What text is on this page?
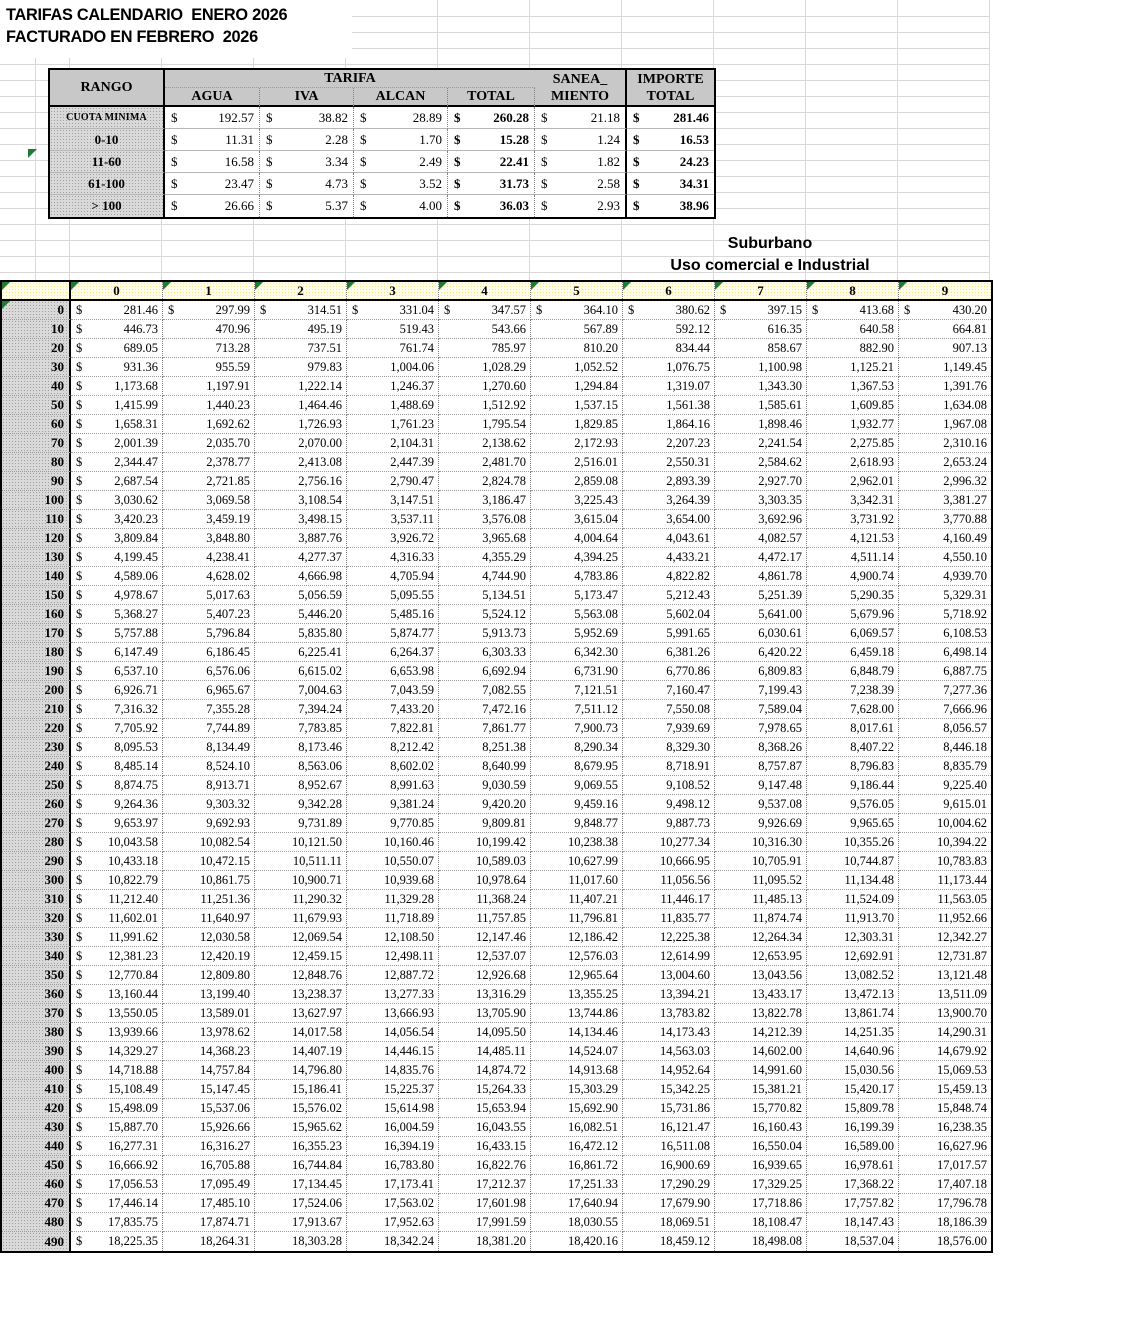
TARIFAS CALENDARIO  ENERO 2026
FACTURADO EN FEBRERO  2026
RANGO
TARIFA
AGUA	IVA	ALCAN	TOTAL
SANEA_
MIENTO
IMPORTE
TOTAL
CUOTA MINIMA	$	192.57 $	38.82 $	28.89 $	260.28 $	21.18 $	281.46
0-10	$	11.31 $	2.28 $	1.70 $	15.28 $	1.24 $	16.53
11-60	$	16.58 $	3.34 $	2.49 $	22.41 $	1.82 $	24.23
61-100	$	23.47 $	4.73 $	3.52 $	31.73 $	2.58 $	34.31
> 100	$	26.66 $	5.37 $	4.00 $	36.03 $	2.93 $	38.96
Suburbano
Uso comercial e Industrial
0	1	2	3	4	5	6	7	8	9
0 $	281.46 $	297.99 $	314.51 $	331.04 $	347.57 $	364.10 $	380.62 $	397.15 $	413.68 $	430.20
10 $	446.73	470.96	495.19	519.43	543.66	567.89	592.12	616.35	640.58	664.81
20 $	689.05	713.28	737.51	761.74	785.97	810.20	834.44	858.67	882.90	907.13
30 $	931.36	955.59	979.83	1,004.06	1,028.29	1,052.52	1,076.75	1,100.98	1,125.21	1,149.45
40 $	1,173.68	1,197.91	1,222.14	1,246.37	1,270.60	1,294.84	1,319.07	1,343.30	1,367.53	1,391.76
50 $	1,415.99	1,440.23	1,464.46	1,488.69	1,512.92	1,537.15	1,561.38	1,585.61	1,609.85	1,634.08
60 $	1,658.31	1,692.62	1,726.93	1,761.23	1,795.54	1,829.85	1,864.16	1,898.46	1,932.77	1,967.08
70 $	2,001.39	2,035.70	2,070.00	2,104.31	2,138.62	2,172.93	2,207.23	2,241.54	2,275.85	2,310.16
80 $	2,344.47	2,378.77	2,413.08	2,447.39	2,481.70	2,516.01	2,550.31	2,584.62	2,618.93	2,653.24
90 $	2,687.54	2,721.85	2,756.16	2,790.47	2,824.78	2,859.08	2,893.39	2,927.70	2,962.01	2,996.32
100 $	3,030.62	3,069.58	3,108.54	3,147.51	3,186.47	3,225.43	3,264.39	3,303.35	3,342.31	3,381.27
110 $	3,420.23	3,459.19	3,498.15	3,537.11	3,576.08	3,615.04	3,654.00	3,692.96	3,731.92	3,770.88
120 $	3,809.84	3,848.80	3,887.76	3,926.72	3,965.68	4,004.64	4,043.61	4,082.57	4,121.53	4,160.49
130 $	4,199.45	4,238.41	4,277.37	4,316.33	4,355.29	4,394.25	4,433.21	4,472.17	4,511.14	4,550.10
140 $	4,589.06	4,628.02	4,666.98	4,705.94	4,744.90	4,783.86	4,822.82	4,861.78	4,900.74	4,939.70
150 $	4,978.67	5,017.63	5,056.59	5,095.55	5,134.51	5,173.47	5,212.43	5,251.39	5,290.35	5,329.31
160 $	5,368.27	5,407.23	5,446.20	5,485.16	5,524.12	5,563.08	5,602.04	5,641.00	5,679.96	5,718.92
170 $	5,757.88	5,796.84	5,835.80	5,874.77	5,913.73	5,952.69	5,991.65	6,030.61	6,069.57	6,108.53
180 $	6,147.49	6,186.45	6,225.41	6,264.37	6,303.33	6,342.30	6,381.26	6,420.22	6,459.18	6,498.14
190 $	6,537.10	6,576.06	6,615.02	6,653.98	6,692.94	6,731.90	6,770.86	6,809.83	6,848.79	6,887.75
200 $	6,926.71	6,965.67	7,004.63	7,043.59	7,082.55	7,121.51	7,160.47	7,199.43	7,238.39	7,277.36
210 $	7,316.32	7,355.28	7,394.24	7,433.20	7,472.16	7,511.12	7,550.08	7,589.04	7,628.00	7,666.96
220 $	7,705.92	7,744.89	7,783.85	7,822.81	7,861.77	7,900.73	7,939.69	7,978.65	8,017.61	8,056.57
230 $	8,095.53	8,134.49	8,173.46	8,212.42	8,251.38	8,290.34	8,329.30	8,368.26	8,407.22	8,446.18
240 $	8,485.14	8,524.10	8,563.06	8,602.02	8,640.99	8,679.95	8,718.91	8,757.87	8,796.83	8,835.79
250 $	8,874.75	8,913.71	8,952.67	8,991.63	9,030.59	9,069.55	9,108.52	9,147.48	9,186.44	9,225.40
260 $	9,264.36	9,303.32	9,342.28	9,381.24	9,420.20	9,459.16	9,498.12	9,537.08	9,576.05	9,615.01
270 $	9,653.97	9,692.93	9,731.89	9,770.85	9,809.81	9,848.77	9,887.73	9,926.69	9,965.65	10,004.62
280 $ 10,043.58	10,082.54	10,121.50	10,160.46	10,199.42	10,238.38	10,277.34	10,316.30	10,355.26	10,394.22
290 $ 10,433.18	10,472.15	10,511.11	10,550.07	10,589.03	10,627.99	10,666.95	10,705.91	10,744.87	10,783.83
300 $ 10,822.79	10,861.75	10,900.71	10,939.68	10,978.64	11,017.60	11,056.56	11,095.52	11,134.48	11,173.44
310 $ 11,212.40	11,251.36	11,290.32	11,329.28	11,368.24	11,407.21	11,446.17	11,485.13	11,524.09	11,563.05
320 $ 11,602.01	11,640.97	11,679.93	11,718.89	11,757.85	11,796.81	11,835.77	11,874.74	11,913.70	11,952.66
330 $ 11,991.62	12,030.58	12,069.54	12,108.50	12,147.46	12,186.42	12,225.38	12,264.34	12,303.31	12,342.27
340 $ 12,381.23	12,420.19	12,459.15	12,498.11	12,537.07	12,576.03	12,614.99	12,653.95	12,692.91	12,731.87
350 $ 12,770.84	12,809.80	12,848.76	12,887.72	12,926.68	12,965.64	13,004.60	13,043.56	13,082.52	13,121.48
360 $ 13,160.44	13,199.40	13,238.37	13,277.33	13,316.29	13,355.25	13,394.21	13,433.17	13,472.13	13,511.09
370 $ 13,550.05	13,589.01	13,627.97	13,666.93	13,705.90	13,744.86	13,783.82	13,822.78	13,861.74	13,900.70
380 $ 13,939.66	13,978.62	14,017.58	14,056.54	14,095.50	14,134.46	14,173.43	14,212.39	14,251.35	14,290.31
390 $ 14,329.27	14,368.23	14,407.19	14,446.15	14,485.11	14,524.07	14,563.03	14,602.00	14,640.96	14,679.92
400 $ 14,718.88	14,757.84	14,796.80	14,835.76	14,874.72	14,913.68	14,952.64	14,991.60	15,030.56	15,069.53
410 $ 15,108.49	15,147.45	15,186.41	15,225.37	15,264.33	15,303.29	15,342.25	15,381.21	15,420.17	15,459.13
420 $ 15,498.09	15,537.06	15,576.02	15,614.98	15,653.94	15,692.90	15,731.86	15,770.82	15,809.78	15,848.74
430 $ 15,887.70	15,926.66	15,965.62	16,004.59	16,043.55	16,082.51	16,121.47	16,160.43	16,199.39	16,238.35
440 $ 16,277.31	16,316.27	16,355.23	16,394.19	16,433.15	16,472.12	16,511.08	16,550.04	16,589.00	16,627.96
450 $ 16,666.92	16,705.88	16,744.84	16,783.80	16,822.76	16,861.72	16,900.69	16,939.65	16,978.61	17,017.57
460 $ 17,056.53	17,095.49	17,134.45	17,173.41	17,212.37	17,251.33	17,290.29	17,329.25	17,368.22	17,407.18
470 $ 17,446.14	17,485.10	17,524.06	17,563.02	17,601.98	17,640.94	17,679.90	17,718.86	17,757.82	17,796.78
480 $ 17,835.75	17,874.71	17,913.67	17,952.63	17,991.59	18,030.55	18,069.51	18,108.47	18,147.43	18,186.39
490 $ 18,225.35	18,264.31	18,303.28	18,342.24	18,381.20	18,420.16	18,459.12	18,498.08	18,537.04	18,576.00
